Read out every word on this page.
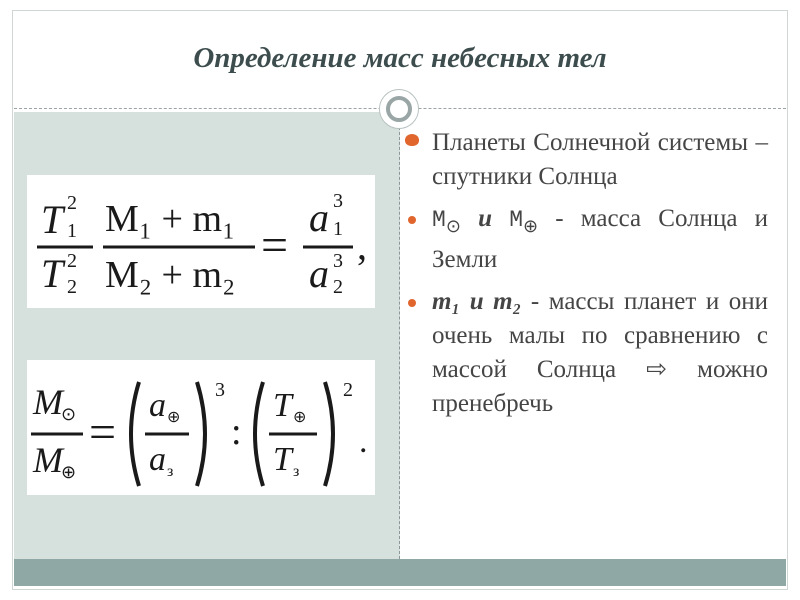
Определение масс небесных тел
T 2
1
T 2
2
M₁ + m₁
M₂ + m₂
=
a 3
1
a 3
2
,
M
⊙
M
⊕
=
a ⊕
a з
3
:
T ⊕
T з
2
.
Планеты Солнечной системы – спутники Солнца
$M_⊙$ и $M_\oplus$ - масса Солнца и Земли
m₁ и m₂ - массы планет и они очень малы по сравнению с массой Солнца ⇨ можно пренебречь
